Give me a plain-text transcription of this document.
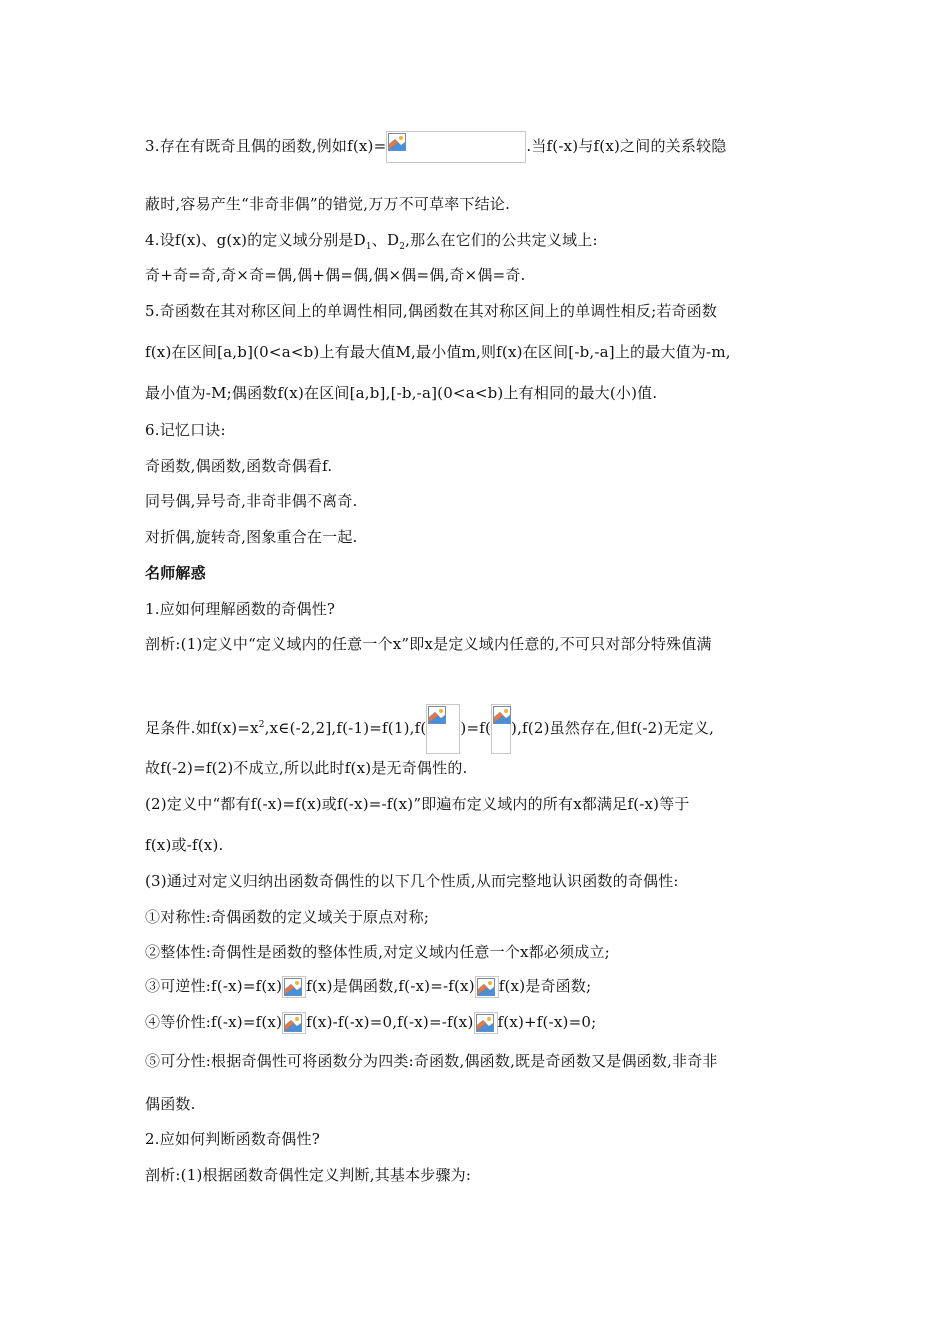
3.存在有既奇且偶的函数,例如f(x)=	.当f(-x)与f(x)之间的关系较隐
蔽时,容易产生“非奇非偶”的错觉,万万不可草率下结论.
4.设f(x)、g(x)的定义域分别是$D_1$、$D_2$,那么在它们的公共定义域上:
奇+奇=奇,奇×奇=偶,偶+偶=偶,偶×偶=偶,奇×偶=奇.
5.奇函数在其对称区间上的单调性相同,偶函数在其对称区间上的单调性相反;若奇函数
f(x)在区间[a,b](0<a<b)上有最大值M,最小值m,则f(x)在区间[-b,-a]上的最大值为-m,
最小值为-M;偶函数f(x)在区间[a,b],[-b,-a](0<a<b)上有相同的最大(小)值.
6.记忆口诀:
奇函数,偶函数,函数奇偶看f.
同号偶,异号奇,非奇非偶不离奇.
对折偶,旋转奇,图象重合在一起.
名师解惑
1.应如何理解函数的奇偶性?
剖析:(1)定义中“定义域内的任意一个x”即x是定义域内任意的,不可只对部分特殊值满
足条件.如$f(x)=x^2,x\in(-2,2],f(-1)=f(1),f$( )=f( ),f(2)虽然存在,但f(-2)无定义,
故f(-2)=f(2)不成立,所以此时f(x)是无奇偶性的.
(2)定义中“都有f(-x)=f(x)或f(-x)=-f(x)”即遍布定义域内的所有x都满足f(-x)等于
f(x)或-f(x).
(3)通过对定义归纳出函数奇偶性的以下几个性质,从而完整地认识函数的奇偶性:
①对称性:奇偶函数的定义域关于原点对称;
②整体性:奇偶性是函数的整体性质,对定义域内任意一个x都必须成立;
③可逆性:f(-x)=f(x) f(x)是偶函数,f(-x)=-f(x) f(x)是奇函数;
④等价性:f(-x)=f(x) f(x)-f(-x)=0,f(-x)=-f(x) f(x)+f(-x)=0;
⑤可分性:根据奇偶性可将函数分为四类:奇函数,偶函数,既是奇函数又是偶函数,非奇非
偶函数.
2.应如何判断函数奇偶性?
剖析:(1)根据函数奇偶性定义判断,其基本步骤为:
